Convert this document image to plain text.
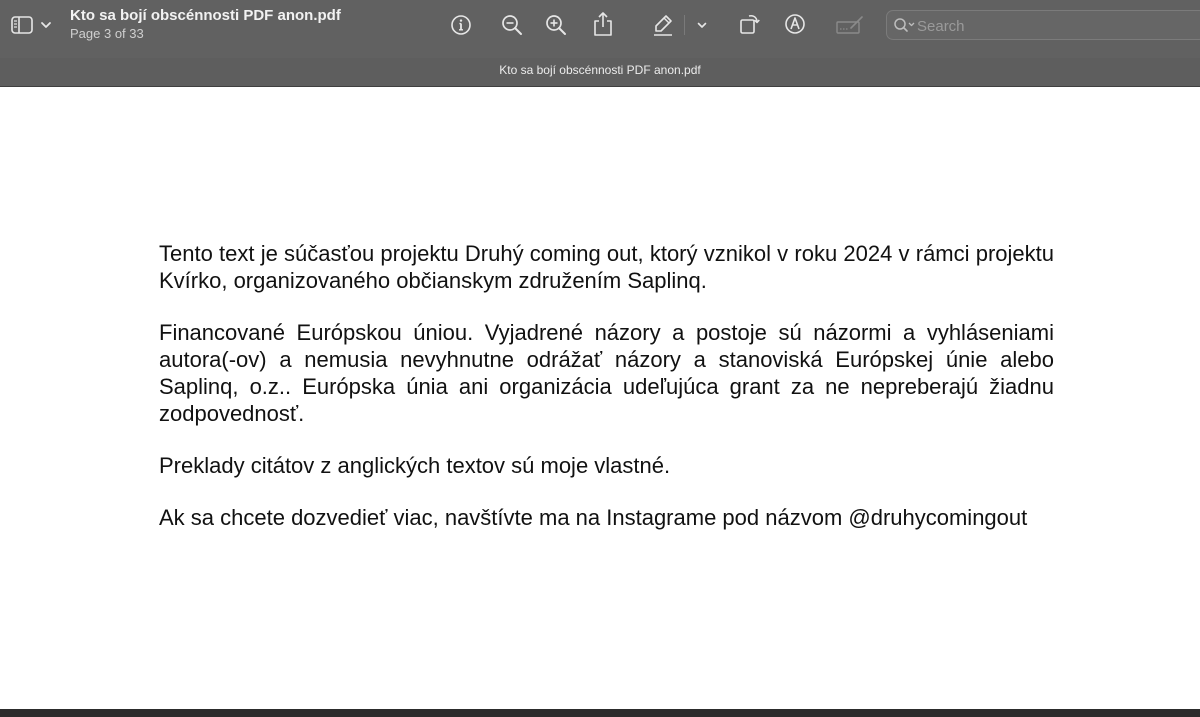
Kto sa bojí obscénnosti PDF anon.pdf
Page 3 of 33
Search
Kto sa bojí obscénnosti PDF anon.pdf

Tento text je súčasťou projektu Druhý coming out, ktorý vznikol v roku 2024 v rámci projektu Kvírko, organizovaného občianskym združením Saplinq.

Financované Európskou úniou. Vyjadrené názory a postoje sú názormi a vyhláseniami autora(-ov) a nemusia nevyhnutne odrážať názory a stanoviská Európskej únie alebo Saplinq, o.z.. Európska únia ani organizácia udeľujúca grant za ne nepreberajú žiadnu zodpovednosť.

Preklady citátov z anglických textov sú moje vlastné.

Ak sa chcete dozvedieť viac, navštívte ma na Instagrame pod názvom @druhycomingout
